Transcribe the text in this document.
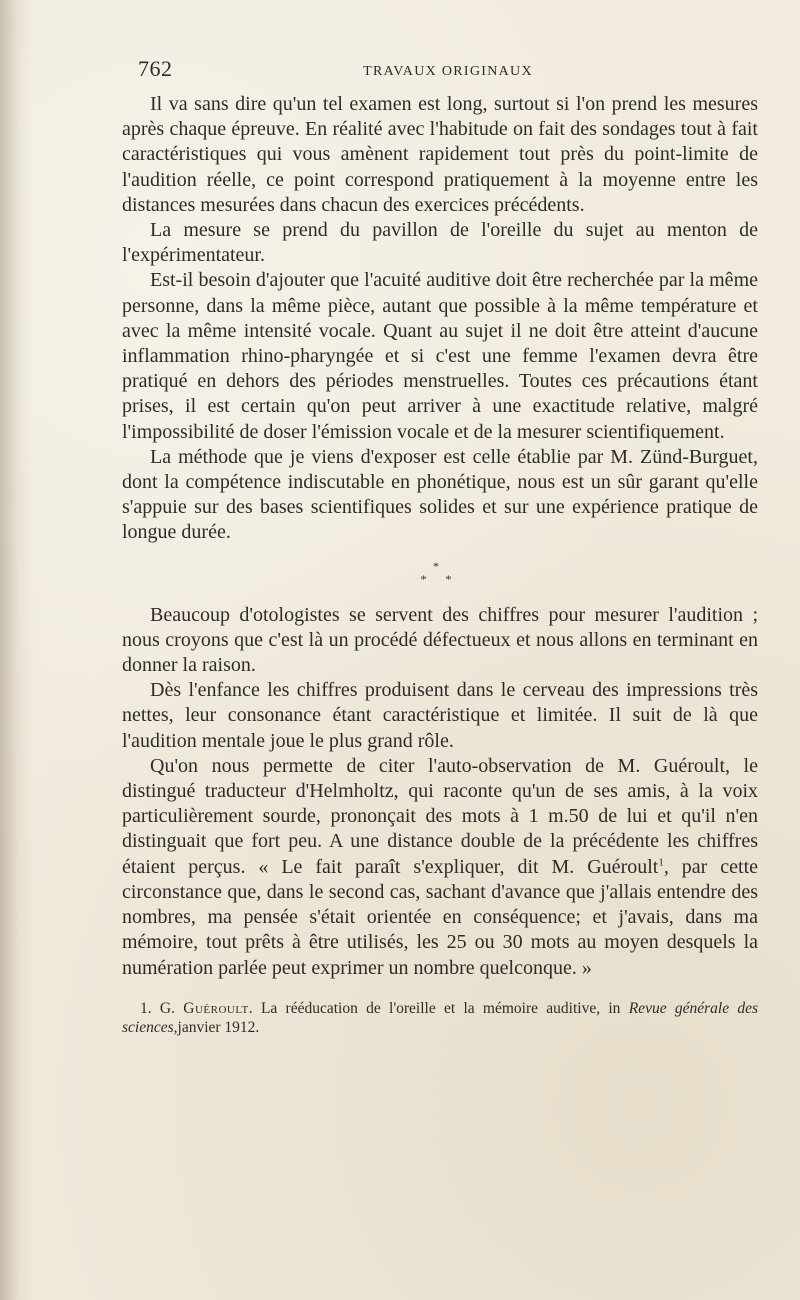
762	TRAVAUX ORIGINAUX

Il va sans dire qu'un tel examen est long, surtout si l'on prend les mesures après chaque épreuve. En réalité avec l'habitude on fait des sondages tout à fait caractéristiques qui vous amènent rapidement tout près du point-limite de l'audition réelle, ce point correspond pratiquement à la moyenne entre les distances mesurées dans chacun des exercices précédents.

La mesure se prend du pavillon de l'oreille du sujet au menton de l'expérimentateur.

Est-il besoin d'ajouter que l'acuité auditive doit être recherchée par la même personne, dans la même pièce, autant que possible à la même température et avec la même intensité vocale. Quant au sujet il ne doit être atteint d'aucune inflammation rhino-pharyngée et si c'est une femme l'examen devra être pratiqué en dehors des périodes menstruelles. Toutes ces précautions étant prises, il est certain qu'on peut arriver à une exactitude relative, malgré l'impossibilité de doser l'émission vocale et de la mesurer scientifiquement.

La méthode que je viens d'exposer est celle établie par M. Zünd-Burguet, dont la compétence indiscutable en phonétique, nous est un sûr garant qu'elle s'appuie sur des bases scientifiques solides et sur une expérience pratique de longue durée.

*
* *

Beaucoup d'otologistes se servent des chiffres pour mesurer l'audition ; nous croyons que c'est là un procédé défectueux et nous allons en terminant en donner la raison.

Dès l'enfance les chiffres produisent dans le cerveau des impressions très nettes, leur consonance étant caractéristique et limitée. Il suit de là que l'audition mentale joue le plus grand rôle.

Qu'on nous permette de citer l'auto-observation de M. Guéroult, le distingué traducteur d'Helmholtz, qui raconte qu'un de ses amis, à la voix particulièrement sourde, prononçait des mots à 1 m.50 de lui et qu'il n'en distinguait que fort peu. A une distance double de la précédente les chiffres étaient perçus. « Le fait paraît s'expliquer, dit M. Guéroult$^1$, par cette circonstance que, dans le second cas, sachant d'avance que j'allais entendre des nombres, ma pensée s'était orientée en conséquence; et j'avais, dans ma mémoire, tout prêts à être utilisés, les 25 ou 30 mots au moyen desquels la numération parlée peut exprimer un nombre quelconque. »

1. G. Guéroult. La rééducation de l'oreille et la mémoire auditive, in Revue générale des sciences,janvier 1912.
